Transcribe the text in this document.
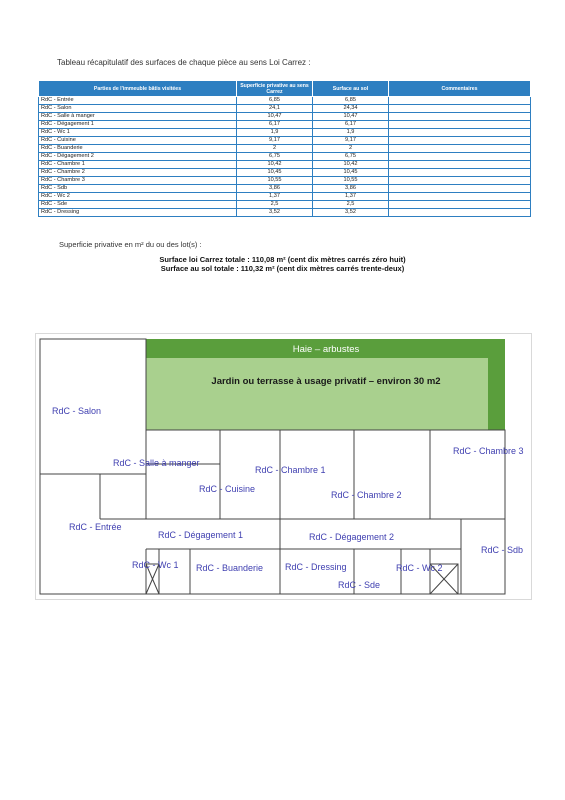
Tableau récapitulatif des surfaces de chaque pièce au sens Loi Carrez :
Parties de l'immeuble bâtis visitées	Superficie privative au sens Carrez	Surface au sol	Commentaires
RdC - Entrée	6,85	6,85	
RdC - Salon	24,1	24,34	
RdC - Salle à manger	10,47	10,47	
RdC - Dégagement 1	6,17	6,17	
RdC - Wc 1	1,9	1,9	
RdC - Cuisine	9,17	9,17	
RdC - Buanderie	2	2	
RdC - Dégagement 2	6,75	6,75	
RdC - Chambre 1	10,42	10,42	
RdC - Chambre 2	10,45	10,45	
RdC - Chambre 3	10,55	10,55	
RdC - Sdb	3,86	3,86	
RdC - Wc 2	1,37	1,37	
RdC - Sde	2,5	2,5	
RdC - Dressing	3,52	3,52	
Superficie privative en m² du ou des lot(s) :
Surface loi Carrez totale : 110,08 m² (cent dix mètres carrés zéro huit)
Surface au sol totale : 110,32 m² (cent dix mètres carrés trente-deux)
Haie – arbustes
Jardin ou terrasse à usage privatif – environ 30 m2
RdC - Salon
RdC - Salle à manger
RdC - Chambre 1
RdC - Chambre 3
RdC - Cuisine
RdC - Chambre 2
RdC - Entrée
RdC - Dégagement 1	RdC - Dégagement 2
RdC - Sdb
RdC - Wc 1 RdC - Buanderie RdC - Dressing	RdC - Wc 2
RdC - Sde
